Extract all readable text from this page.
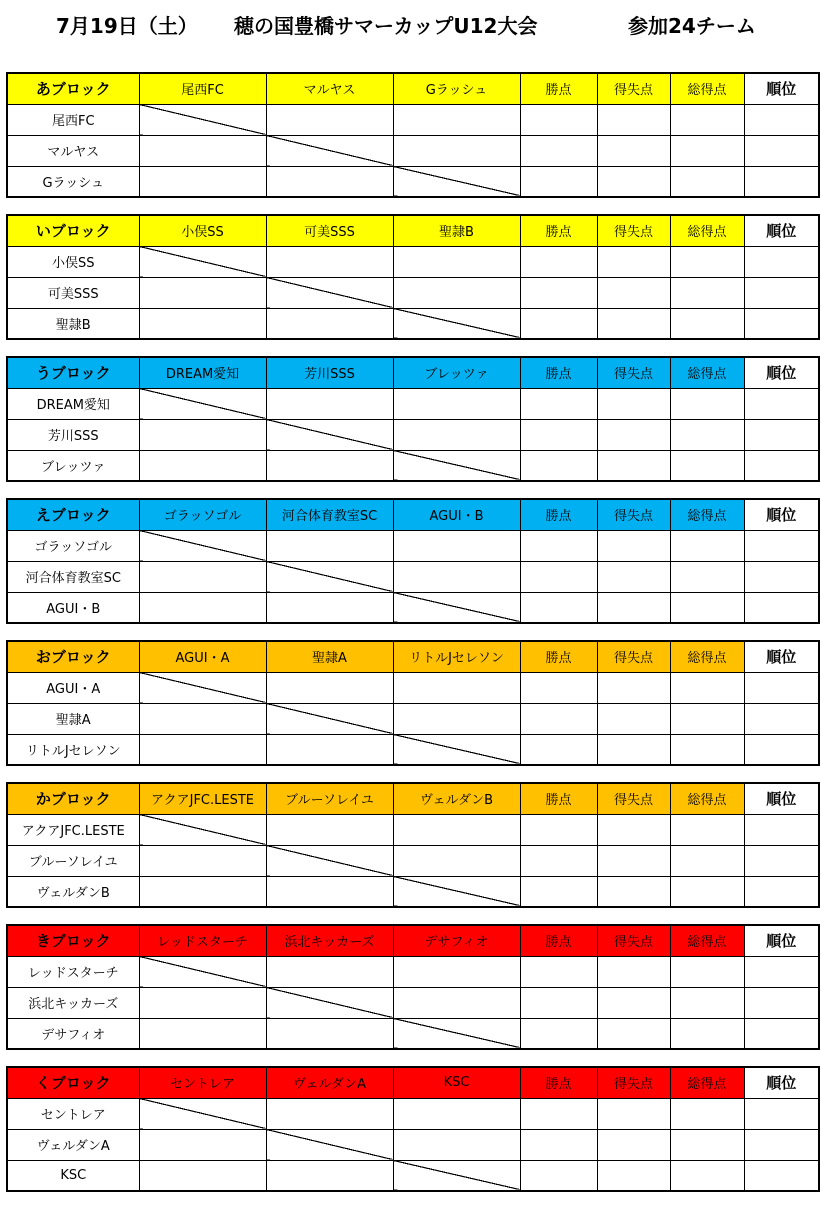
7月19日（土）

穂の国豊橋サマーカップU12大会

	参加24チーム

あブロック	尾西FC	マルヤス	Gラッシュ	勝点	得失点	総得点	順位
尾西FC							
マルヤス							
Gラッシュ							
いブロック	小俣SS	可美SSS	聖隷B	勝点	得失点	総得点	順位
小俣SS							
可美SSS							
聖隷B							
うブロック	DREAM愛知	芳川SSS	ブレッツァ	勝点	得失点	総得点	順位
DREAM愛知							
芳川SSS							
ブレッツァ							
えブロック	ゴラッソゴル	河合体育教室SC	AGUI・B	勝点	得失点	総得点	順位
ゴラッソゴル							
河合体育教室SC							
AGUI・B							
おブロック	AGUI・A	聖隷A	リトルJセレソン	勝点	得失点	総得点	順位
AGUI・A							
聖隷A							
リトルJセレソン							
かブロック	アクアJFC.LESTE	ブルーソレイユ	ヴェルダンB	勝点	得失点	総得点	順位
アクアJFC.LESTE							
ブルーソレイユ							
ヴェルダンB							
きブロック	レッドスターチ	浜北キッカーズ	デサフィオ	勝点	得失点	総得点	順位
レッドスターチ							
浜北キッカーズ							
デサフィオ							
くブロック	セントレア	ヴェルダンA	KSC	勝点	得失点	総得点	順位
セントレア							
ヴェルダンA							
KSC							
